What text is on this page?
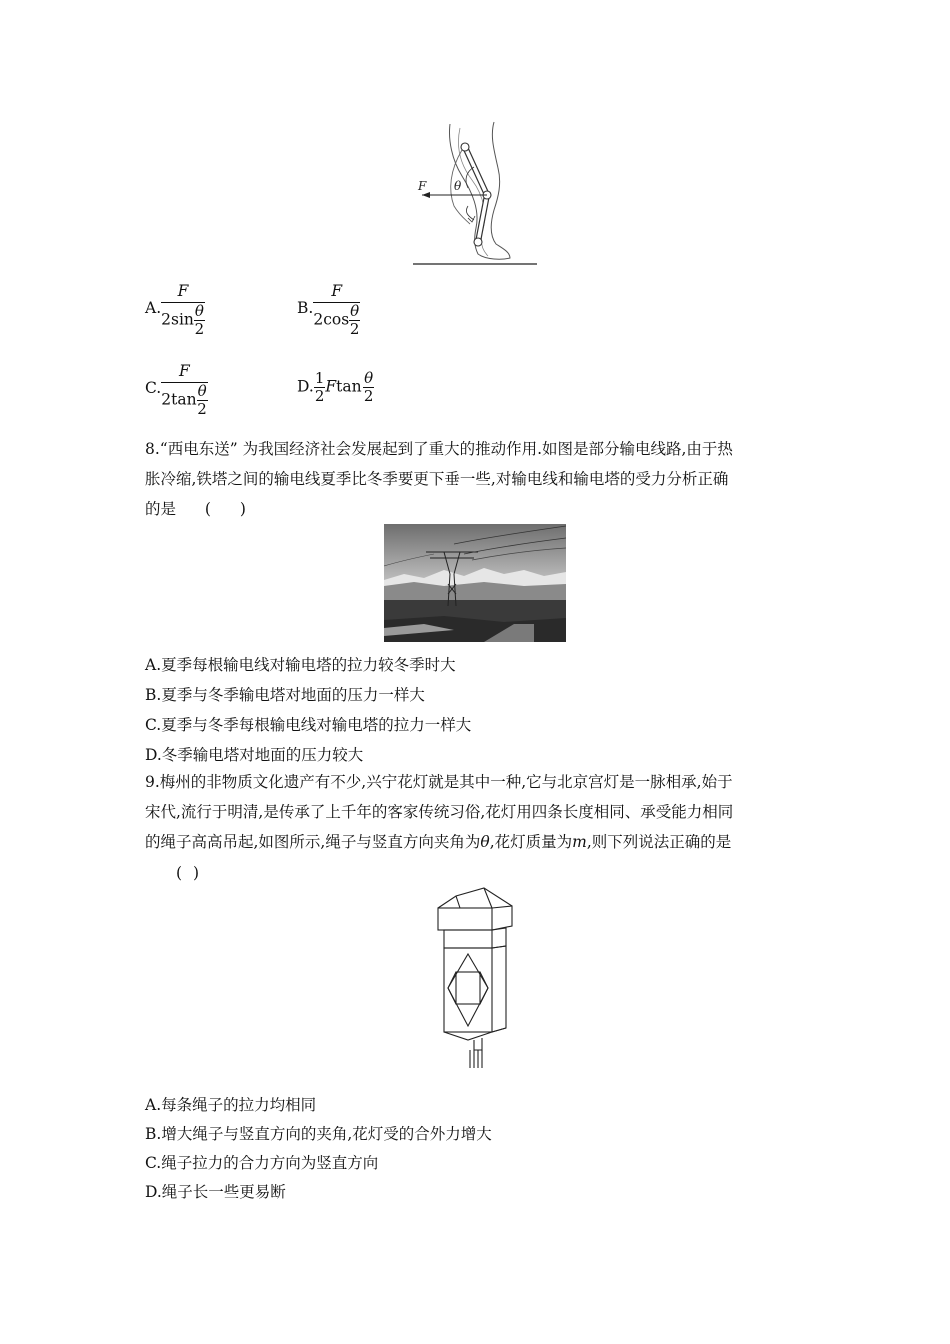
F θ
A. $\frac{F}{2\sin \frac{\theta}{2}}$	B. $\frac{F}{2\cos \frac{\theta}{2}}$
C. $\frac{F}{2\tan \frac{\theta}{2}}$	D. $\frac{1}{2}$ Ftan  $\frac{\theta}{2}$
8.“西电东送” 为我国经济社会发展起到了重大的推动作用.如图是部分输电线路,由于热
胀冷缩,铁塔之间的输电线夏季比冬季要更下垂一些,对输电线和输电塔的受力分析正确
的是 ( )
A.夏季每根输电线对输电塔的拉力较冬季时大
B.夏季与冬季输电塔对地面的压力一样大
C.夏季与冬季每根输电线对输电塔的拉力一样大
D.冬季输电塔对地面的压力较大
9.梅州的非物质文化遗产有不少,兴宁花灯就是其中一种,它与北京宫灯是一脉相承,始于
宋代,流行于明清,是传承了上千年的客家传统习俗,花灯用四条长度相同、承受能力相同
的绳子高高吊起,如图所示,绳子与竖直方向夹角为θ,花灯质量为m,则下列说法正确的是
( )
A.每条绳子的拉力均相同
B.增大绳子与竖直方向的夹角,花灯受的合外力增大
C.绳子拉力的合力方向为竖直方向
D.绳子长一些更易断
